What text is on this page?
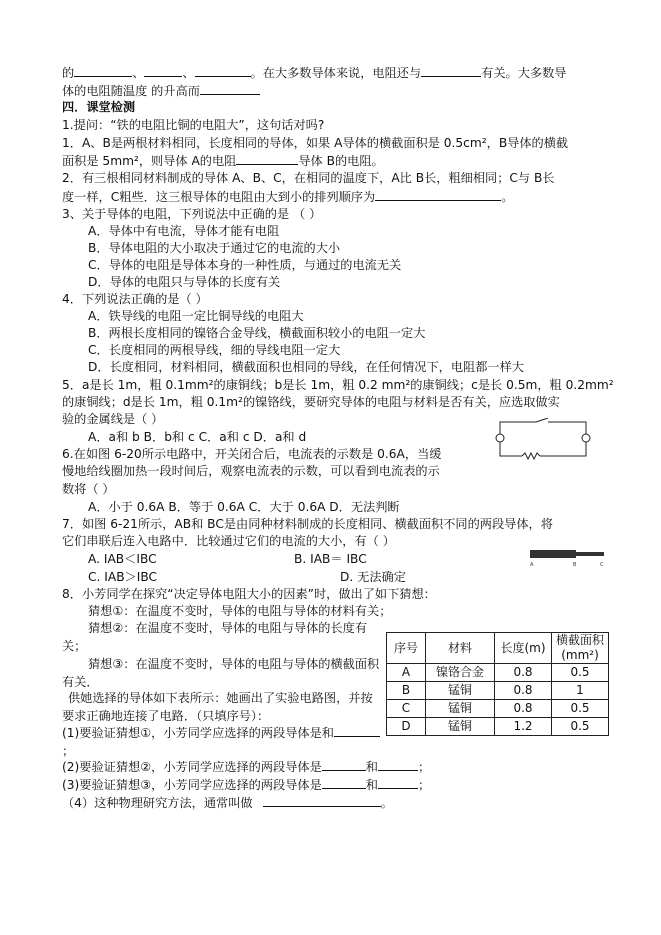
的	、	、	。在大多数导体来说，电阻还与	有关。大多数导
体的电阻随温度 的升高而
四．课堂检测
1.提问：“铁的电阻比铜的电阻大”，这句话对吗?
1．A、B是两根材料相同，长度相同的导体，如果 A导体的横截面积是 0.5cm²，B导体的横截
面积是 5mm²，则导体 A的电阻	导体 B的电阻。
2．有三根相同材料制成的导体 A、B、C，在相同的温度下，A比 B长，粗细相同；C与 B长
度一样，C粗些．这三根导体的电阻由大到小的排列顺序为	。
3、关于导体的电阻，下列说法中正确的是 （ ）
A．导体中有电流，导体才能有电阻
B．导体电阻的大小取决于通过它的电流的大小
C．导体的电阻是导体本身的一种性质，与通过的电流无关
D．导体的电阻只与导体的长度有关
4．下列说法正确的是（ ）
A．铁导线的电阻一定比铜导线的电阻大
B．两根长度相同的镍铬合金导线，横截面积较小的电阻一定大
C．长度相同的两根导线，细的导线电阻一定大
D．长度相同，材料相同，横截面积也相同的导线，在任何情况下，电阻都一样大
5．a是长 1m，粗 0.1mm²的康铜线；b是长 1m，粗 0.2 mm²的康铜线；c是长 0.5m，粗 0.2mm²
的康铜线；d是长 1m，粗 0.1m²的镍铬线，要研究导体的电阻与材料是否有关，应选取做实
验的金属线是（ ）
A．a和 b B．b和 c C．a和 c D．a和 d
6.在如图 6-20所示电路中，开关闭合后，电流表的示数是 0.6A，当缓
慢地给线圈加热一段时间后，观察电流表的示数，可以看到电流表的示
数将（ ）
A．小于 0.6A B．等于 0.6A C．大于 0.6A D．无法判断
7．如图 6-21所示，AB和 BC是由同种材料制成的长度相同、横截面积不同的两段导体，将
它们串联后连入电路中．比较通过它们的电流的大小，有（ ）
A. IAB＜IBC	B. IAB＝ IBC
C. IAB＞IBC	D. 无法确定
A	B	C
8．小芳同学在探究“决定导体电阻大小的因素”时，做出了如下猜想：
猜想①：在温度不变时，导体的电阻与导体的材料有关；
猜想②：在温度不变时，导体的电阻与导体的长度有关；
猜想③：在温度不变时，导体的电阻与导体的横截面积有关．
供她选择的导体如下表所示：她画出了实验电路图，并按要求正确地连接了电路．（只填序号）：
(1)要验证猜想①，小芳同学应选择的两段导体是和；
(2)要验证猜想②，小芳同学应选择的两段导体是	和	；
(3)要验证猜想③，小芳同学应选择的两段导体是	和	；
（4）这种物理研究方法，通常叫做	。
序号	材料	长度(m)	横截面积(mm²)
A	镍铬合金	0.8	0.5
B	锰铜	0.8	1
C	锰铜	0.8	0.5
D	锰铜	1.2	0.5
